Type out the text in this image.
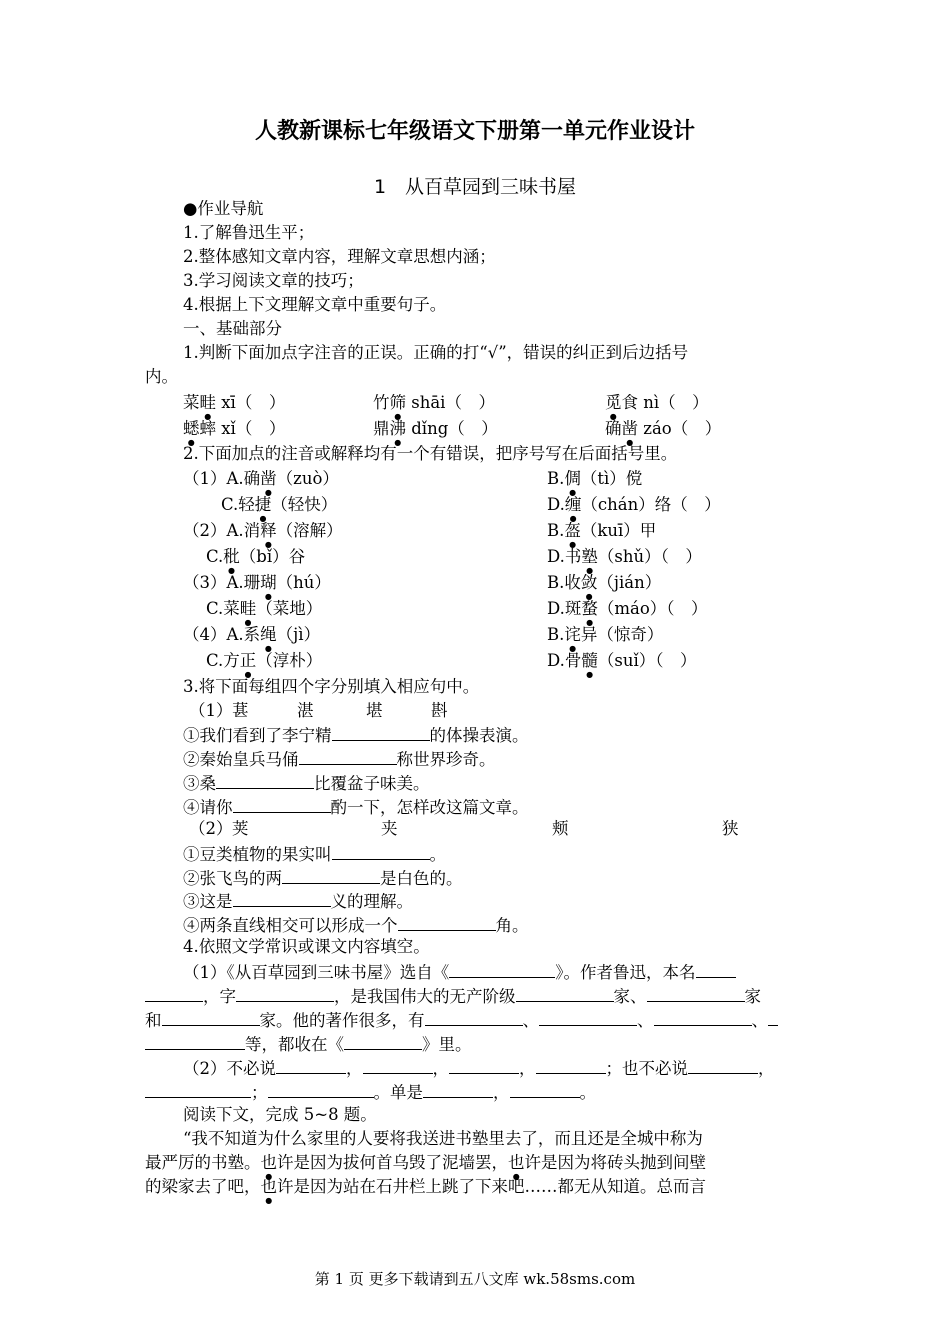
人教新课标七年级语文下册第一单元作业设计
1　从百草园到三味书屋
●作业导航
1.了解鲁迅生平；
2.整体感知文章内容，理解文章思想内涵；
3.学习阅读文章的技巧；
4.根据上下文理解文章中重要句子。
一、基础部分
1.判断下面加点字注音的正误。正确的打“√”，错误的纠正到后边括号
内。
菜畦 xī（　）	竹筛 shāi（　）	觅食 nì（　）
蟋蟀 xǐ（　）	鼎沸 dǐng（　）	确凿 záo（　）
2.下面加点的注音或解释均有一个有错误，把序号写在后面括号里。
（1）A.确凿（zuò）	B.倜（tì）傥
C.轻捷（轻快）	D.缠（chán）络（　）
（2）A.消释（溶解）	B.盔（kuī）甲
C.秕（bǐ）谷	D.书塾（shǔ）（　）
（3）A.珊瑚（hú）	B.收敛（jián）
C.菜畦（菜地）	D.斑蝥（máo）（　）
（4）A.系绳（jì）	B.诧异（惊奇）
C.方正（淳朴）	D.骨髓（suǐ）（　）
3.将下面每组四个字分别填入相应句中。
（1） 葚	湛	堪	斟
①我们看到了李宁精	的体操表演。
②秦始皇兵马俑	称世界珍奇。
③桑	比覆盆子味美。
④请你	酌一下，怎样改这篇文章。
（2） 荚	夹	颊	狭
①豆类植物的果实叫	。
②张飞鸟的两	是白色的。
③这是	义的理解。
④两条直线相交可以形成一个	角。
4.依照文学常识或课文内容填空。
（1）《从百草园到三味书屋》选自《	》。作者鲁迅，本名
，字	，是我国伟大的无产阶级	家、	家
和	家。他的著作很多，有	、	、	、
等，都收在《	》里。
（2）不必说	，	，	，	；也不必说	，
；	。单是	，	。
阅读下文，完成 5~8 题。
“我不知道为什么家里的人要将我送进书塾里去了，而且还是全城中称为
最严厉的书塾。也许是因为拔何首乌毁了泥墙罢，也许是因为将砖头抛到间壁
的梁家去了吧，也许是因为站在石井栏上跳了下来吧……都无从知道。总而言
第 1 页 更多下载请到五八文库 wk.58sms.com
